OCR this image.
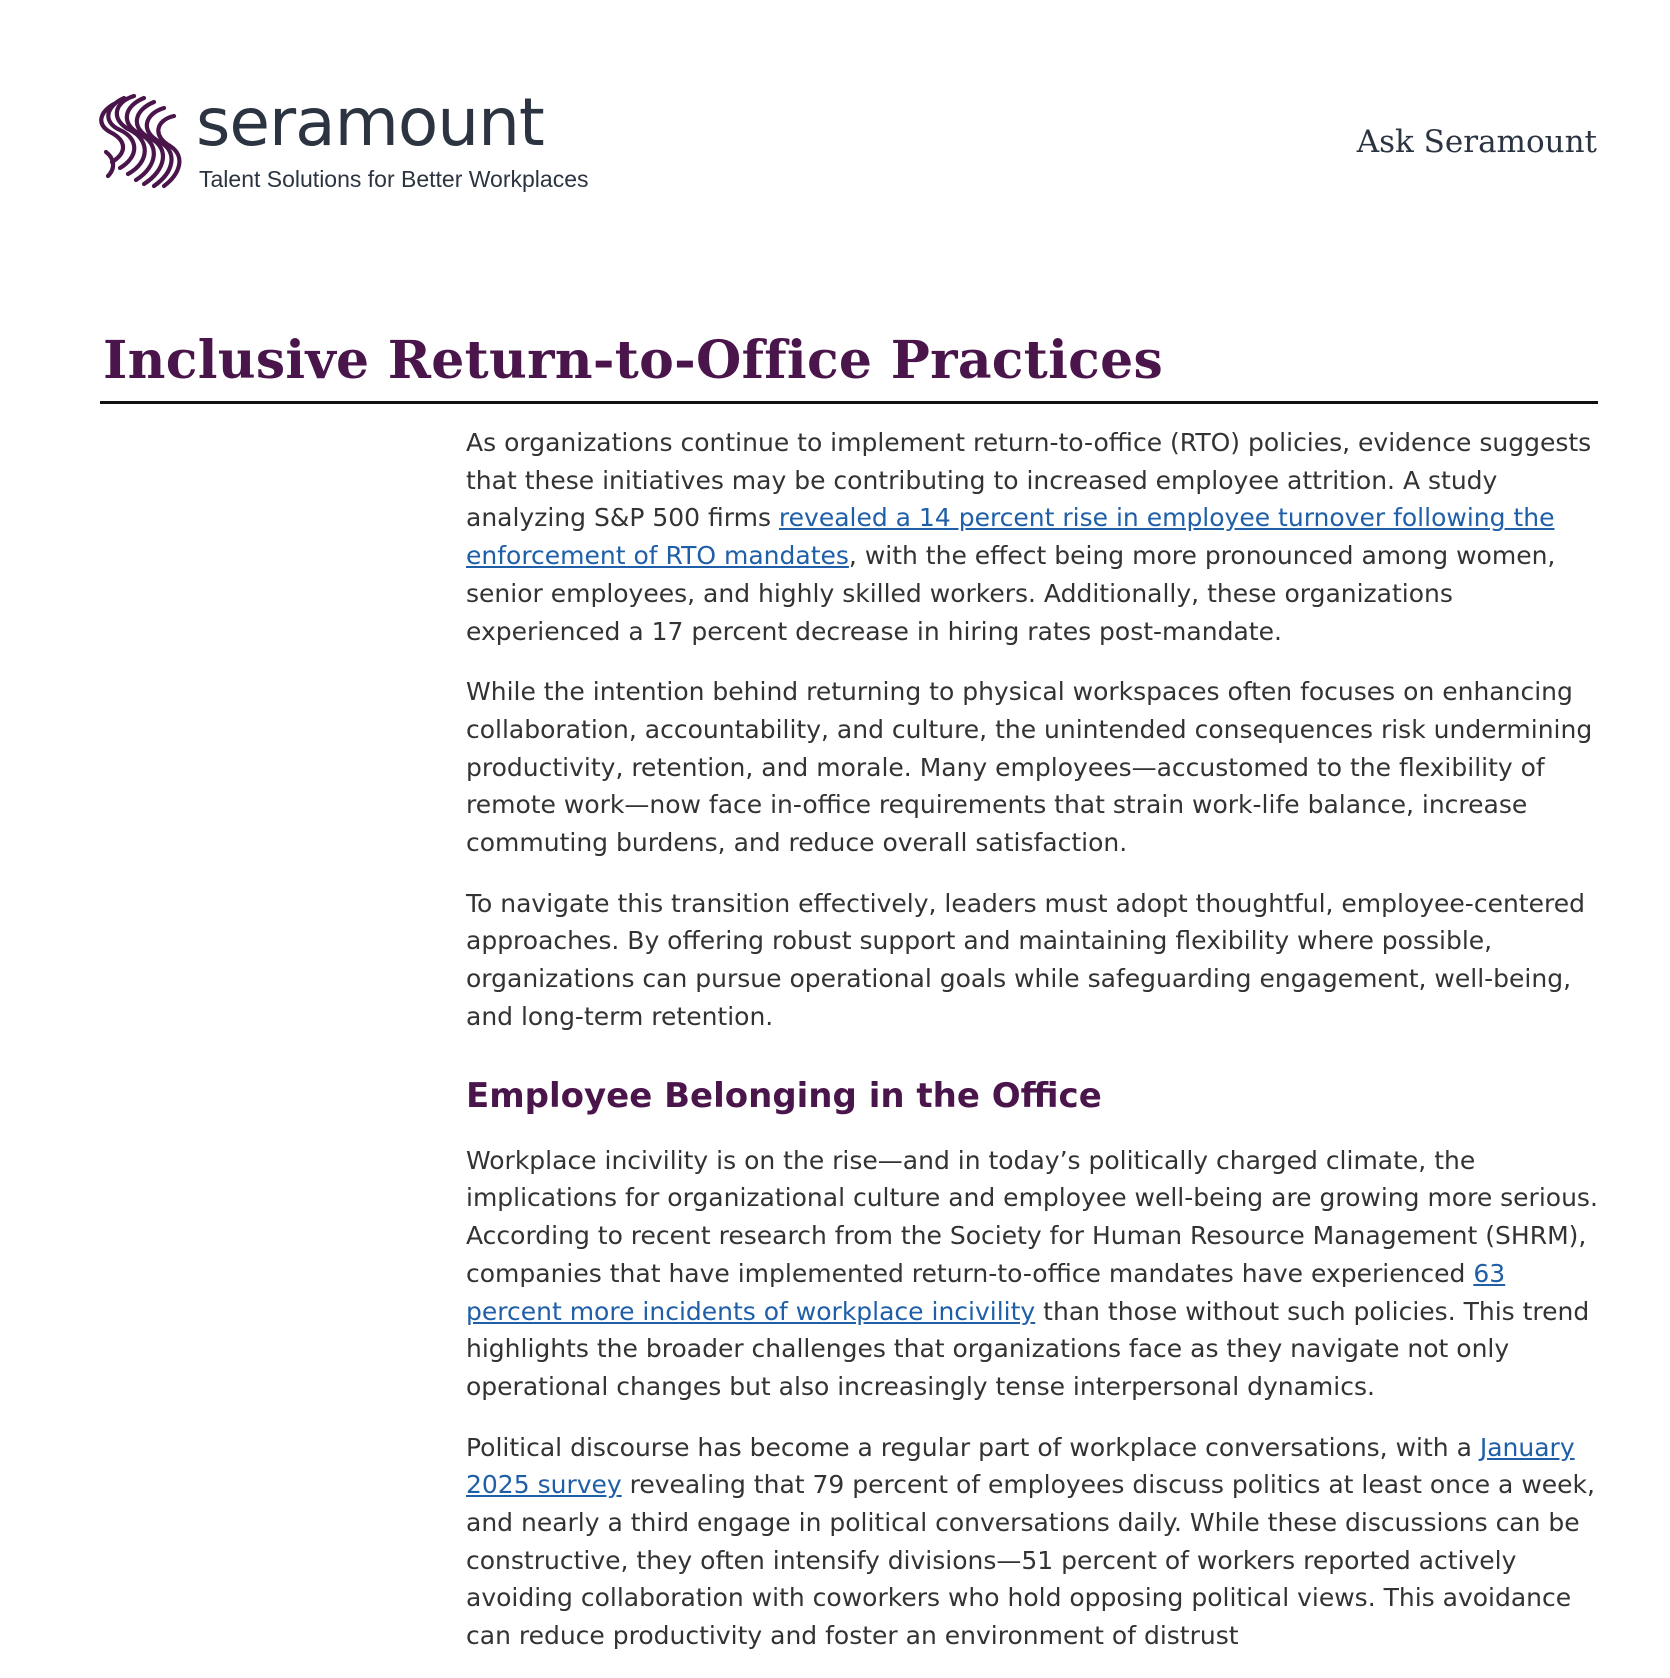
seramount
Talent Solutions for Better Workplaces
Ask Seramount
Inclusive Return-to-Office Practices

As organizations continue to implement return-to-office (RTO) policies, evidence suggests that these initiatives may be contributing to increased employee attrition. A study analyzing S&P 500 firms revealed a 14 percent rise in employee turnover following the enforcement of RTO mandates, with the effect being more pronounced among women, senior employees, and highly skilled workers. Additionally, these organizations experienced a 17 percent decrease in hiring rates post-mandate.

While the intention behind returning to physical workspaces often focuses on enhancing collaboration, accountability, and culture, the unintended consequences risk undermining productivity, retention, and morale. Many employees—accustomed to the flexibility of remote work—now face in-office requirements that strain work-life balance, increase commuting burdens, and reduce overall satisfaction.

To navigate this transition effectively, leaders must adopt thoughtful, employee-centered approaches. By offering robust support and maintaining flexibility where possible, organizations can pursue operational goals while safeguarding engagement, well-being, and long-term retention.

Employee Belonging in the Office

Workplace incivility is on the rise—and in today’s politically charged climate, the implications for organizational culture and employee well-being are growing more serious. According to recent research from the Society for Human Resource Management (SHRM), companies that have implemented return-to-office mandates have experienced 63 percent more incidents of workplace incivility than those without such policies. This trend highlights the broader challenges that organizations face as they navigate not only operational changes but also increasingly tense interpersonal dynamics.

Political discourse has become a regular part of workplace conversations, with a January 2025 survey revealing that 79 percent of employees discuss politics at least once a week, and nearly a third engage in political conversations daily. While these discussions can be constructive, they often intensify divisions—51 percent of workers reported actively avoiding collaboration with coworkers who hold opposing political views. This avoidance can reduce productivity and foster an environment of distrust
